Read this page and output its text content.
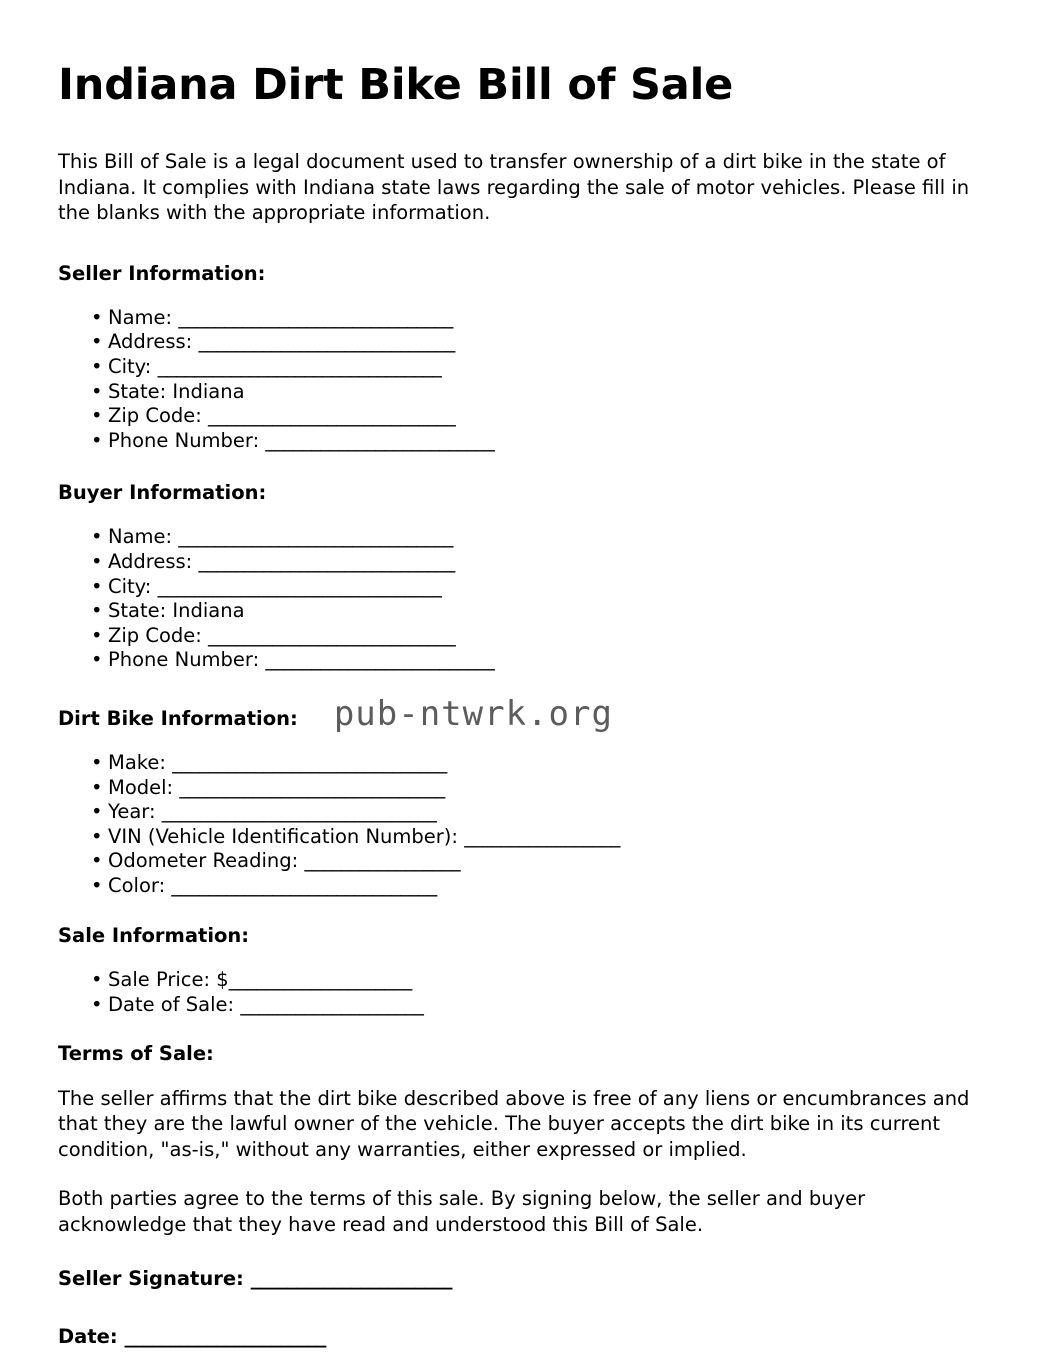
Indiana Dirt Bike Bill of Sale

This Bill of Sale is a legal document used to transfer ownership of a dirt bike in the state of Indiana. It complies with Indiana state laws regarding the sale of motor vehicles. Please fill in the blanks with the appropriate information.

Seller Information:
• Name: ______________________________
• Address: ____________________________
• City: _______________________________
• State: Indiana
• Zip Code: ___________________________
• Phone Number: _________________________
Buyer Information:
• Name: ______________________________
• Address: ____________________________
• City: _______________________________
• State: Indiana
• Zip Code: ___________________________
• Phone Number: _________________________
Dirt Bike Information: pub-ntwrk.org
• Make: ______________________________
• Model: _____________________________
• Year: ______________________________
• VIN (Vehicle Identification Number): _________________
• Odometer Reading: _________________
• Color: _____________________________
Sale Information:
• Sale Price: $____________________
• Date of Sale: ____________________
Terms of Sale:

The seller affirms that the dirt bike described above is free of any liens or encumbrances and that they are the lawful owner of the vehicle. The buyer accepts the dirt bike in its current condition, "as-is," without any warranties, either expressed or implied.

Both parties agree to the terms of this sale. By signing below, the seller and buyer acknowledge that they have read and understood this Bill of Sale.

Seller Signature: ______________________
Date: ______________________
